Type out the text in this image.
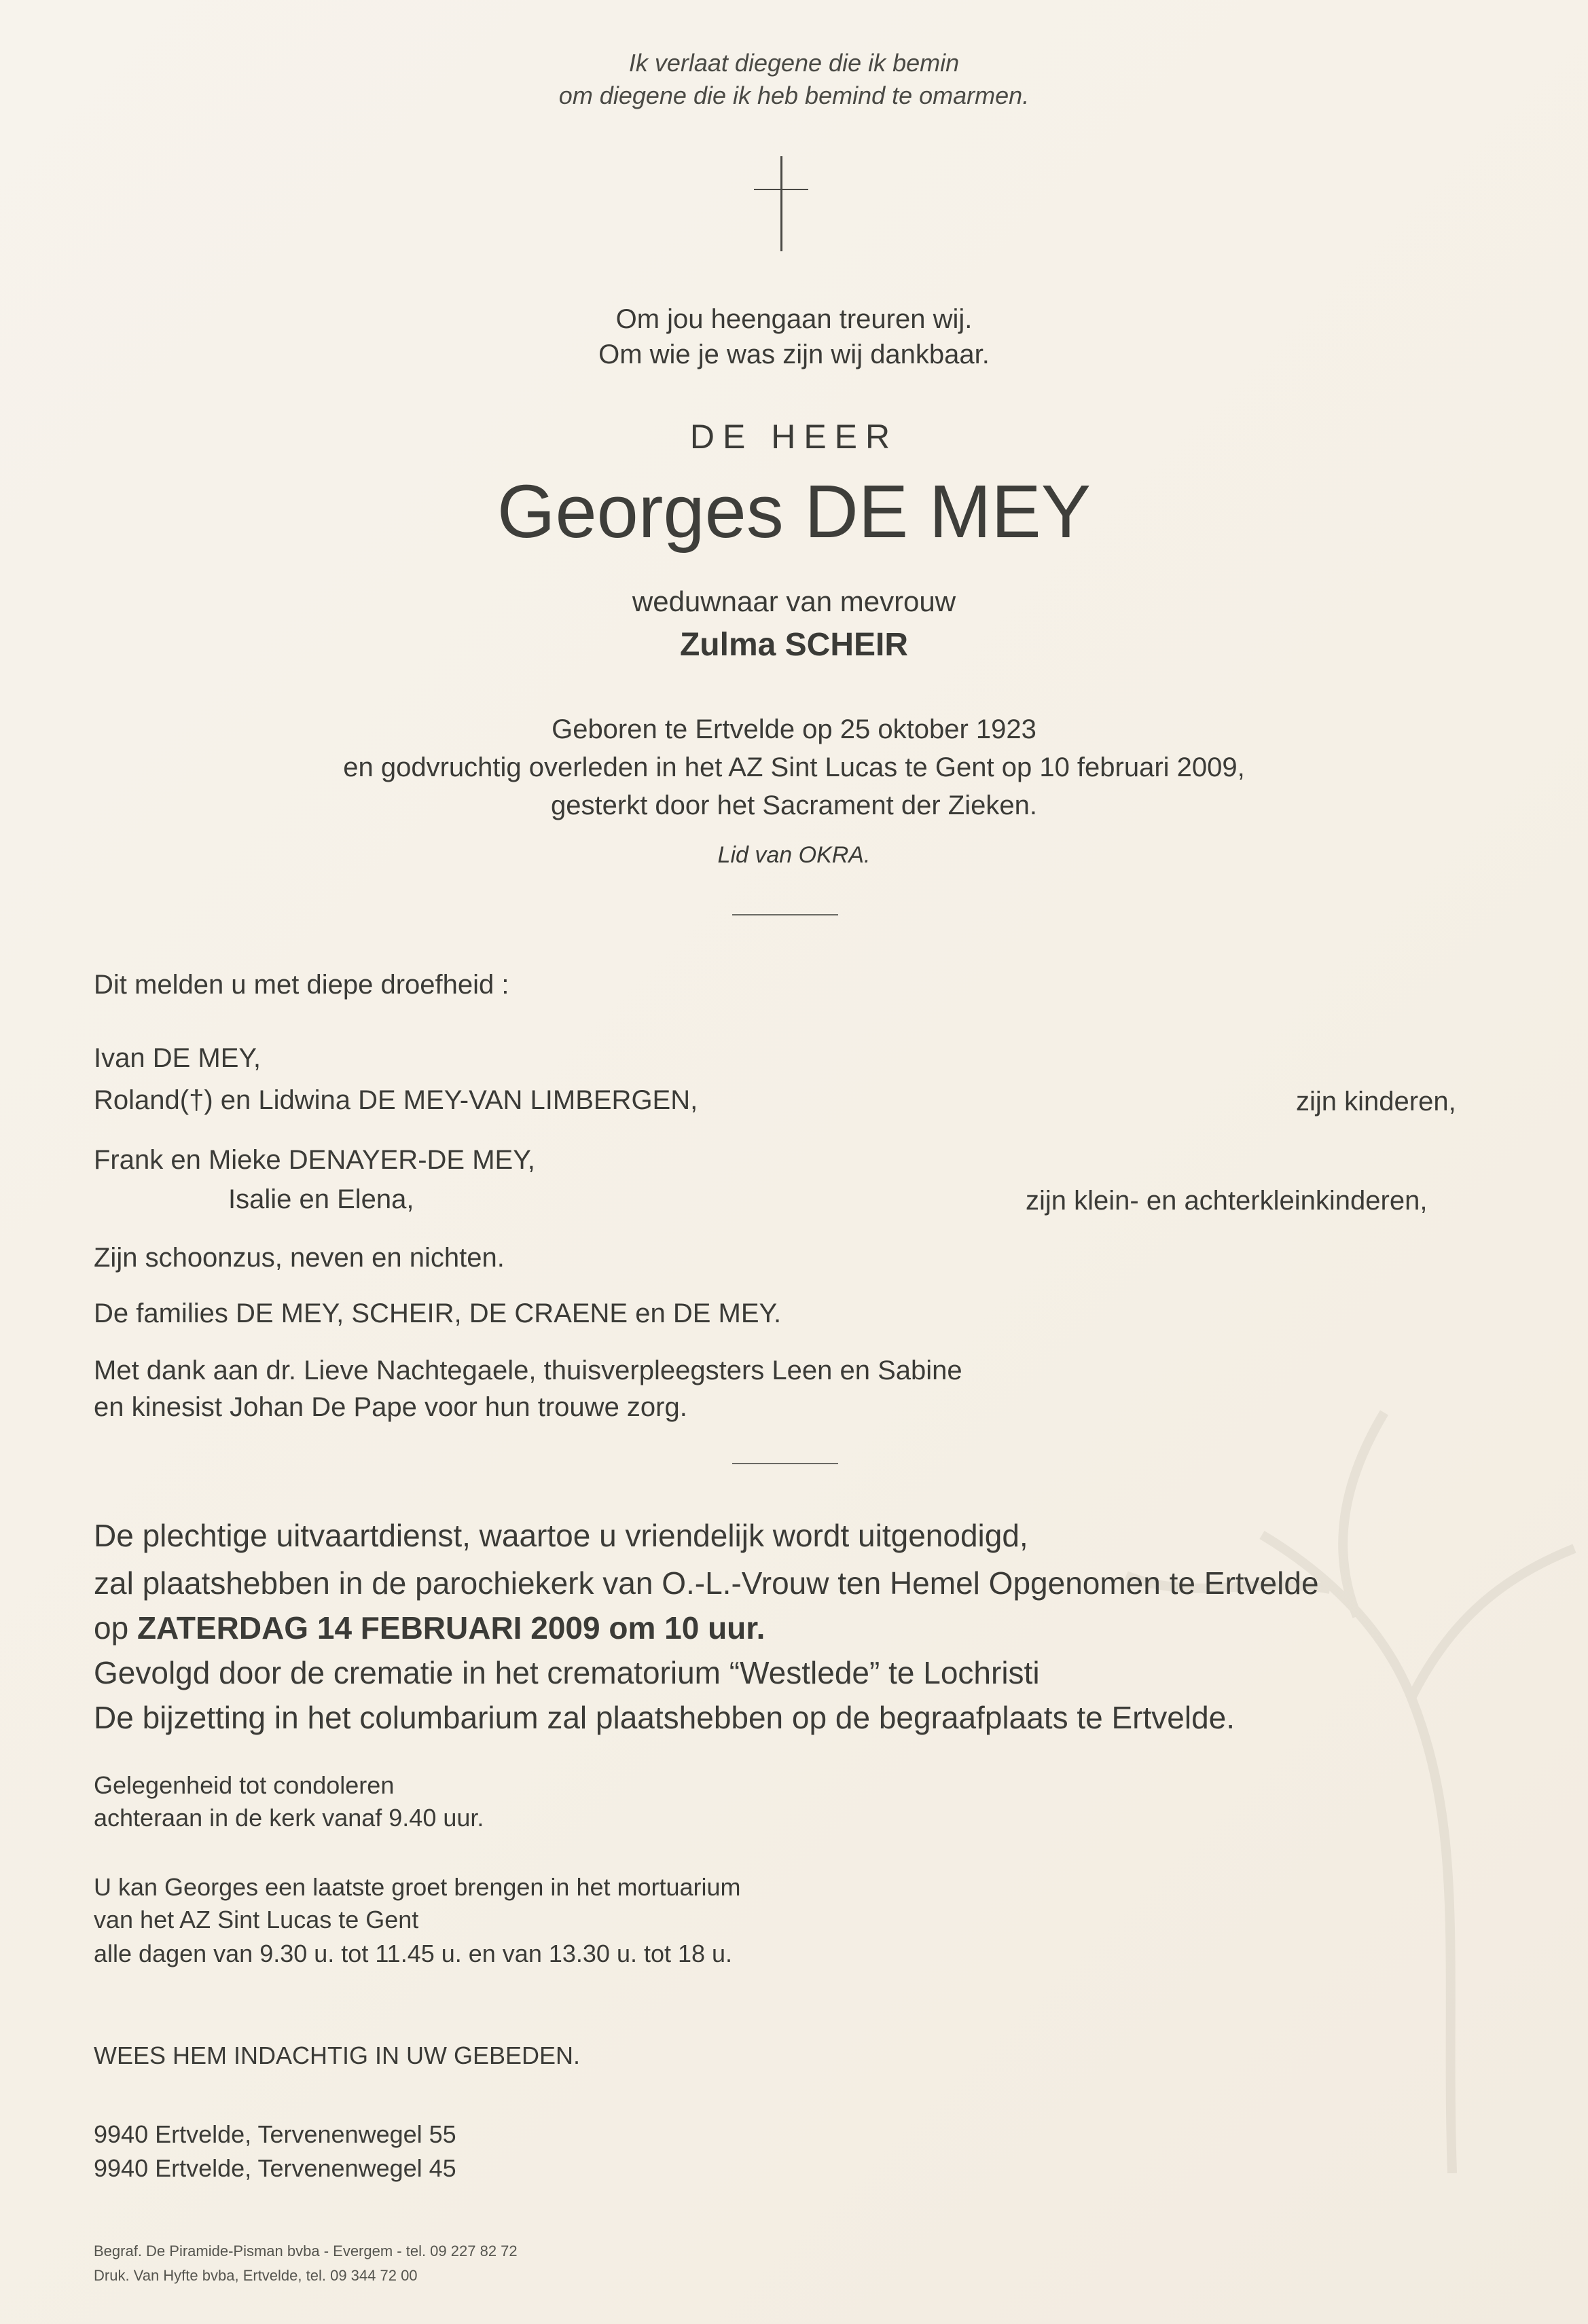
Ik verlaat diegene die ik bemin
om diegene die ik heb bemind te omarmen.
Om jou heengaan treuren wij.
Om wie je was zijn wij dankbaar.
DE HEER
Georges DE MEY
weduwnaar van mevrouw
Zulma SCHEIR
Geboren te Ertvelde op 25 oktober 1923
en godvruchtig overleden in het AZ Sint Lucas te Gent op 10 februari 2009,
gesterkt door het Sacrament der Zieken.
Lid van OKRA.
Dit melden u met diepe droefheid :
Ivan DE MEY,
Roland(†) en Lidwina DE MEY-VAN LIMBERGEN,	zijn kinderen,
Frank en Mieke DENAYER-DE MEY,
Isalie en Elena,	zijn klein- en achterkleinkinderen,
Zijn schoonzus, neven en nichten.
De families DE MEY, SCHEIR, DE CRAENE en DE MEY.
Met dank aan dr. Lieve Nachtegaele, thuisverpleegsters Leen en Sabine
en kinesist Johan De Pape voor hun trouwe zorg.
De plechtige uitvaartdienst, waartoe u vriendelijk wordt uitgenodigd,
zal plaatshebben in de parochiekerk van O.-L.-Vrouw ten Hemel Opgenomen te Ertvelde
op ZATERDAG 14 FEBRUARI 2009 om 10 uur.
Gevolgd door de crematie in het crematorium “Westlede” te Lochristi
De bijzetting in het columbarium zal plaatshebben op de begraafplaats te Ertvelde.
Gelegenheid tot condoleren
achteraan in de kerk vanaf 9.40 uur.
U kan Georges een laatste groet brengen in het mortuarium
van het AZ Sint Lucas te Gent
alle dagen van 9.30 u. tot 11.45 u. en van 13.30 u. tot 18 u.
WEES HEM INDACHTIG IN UW GEBEDEN.
9940 Ertvelde, Tervenenwegel 55
9940 Ertvelde, Tervenenwegel 45
Begraf. De Piramide-Pisman bvba - Evergem - tel. 09 227 82 72
Druk. Van Hyfte bvba, Ertvelde, tel. 09 344 72 00
